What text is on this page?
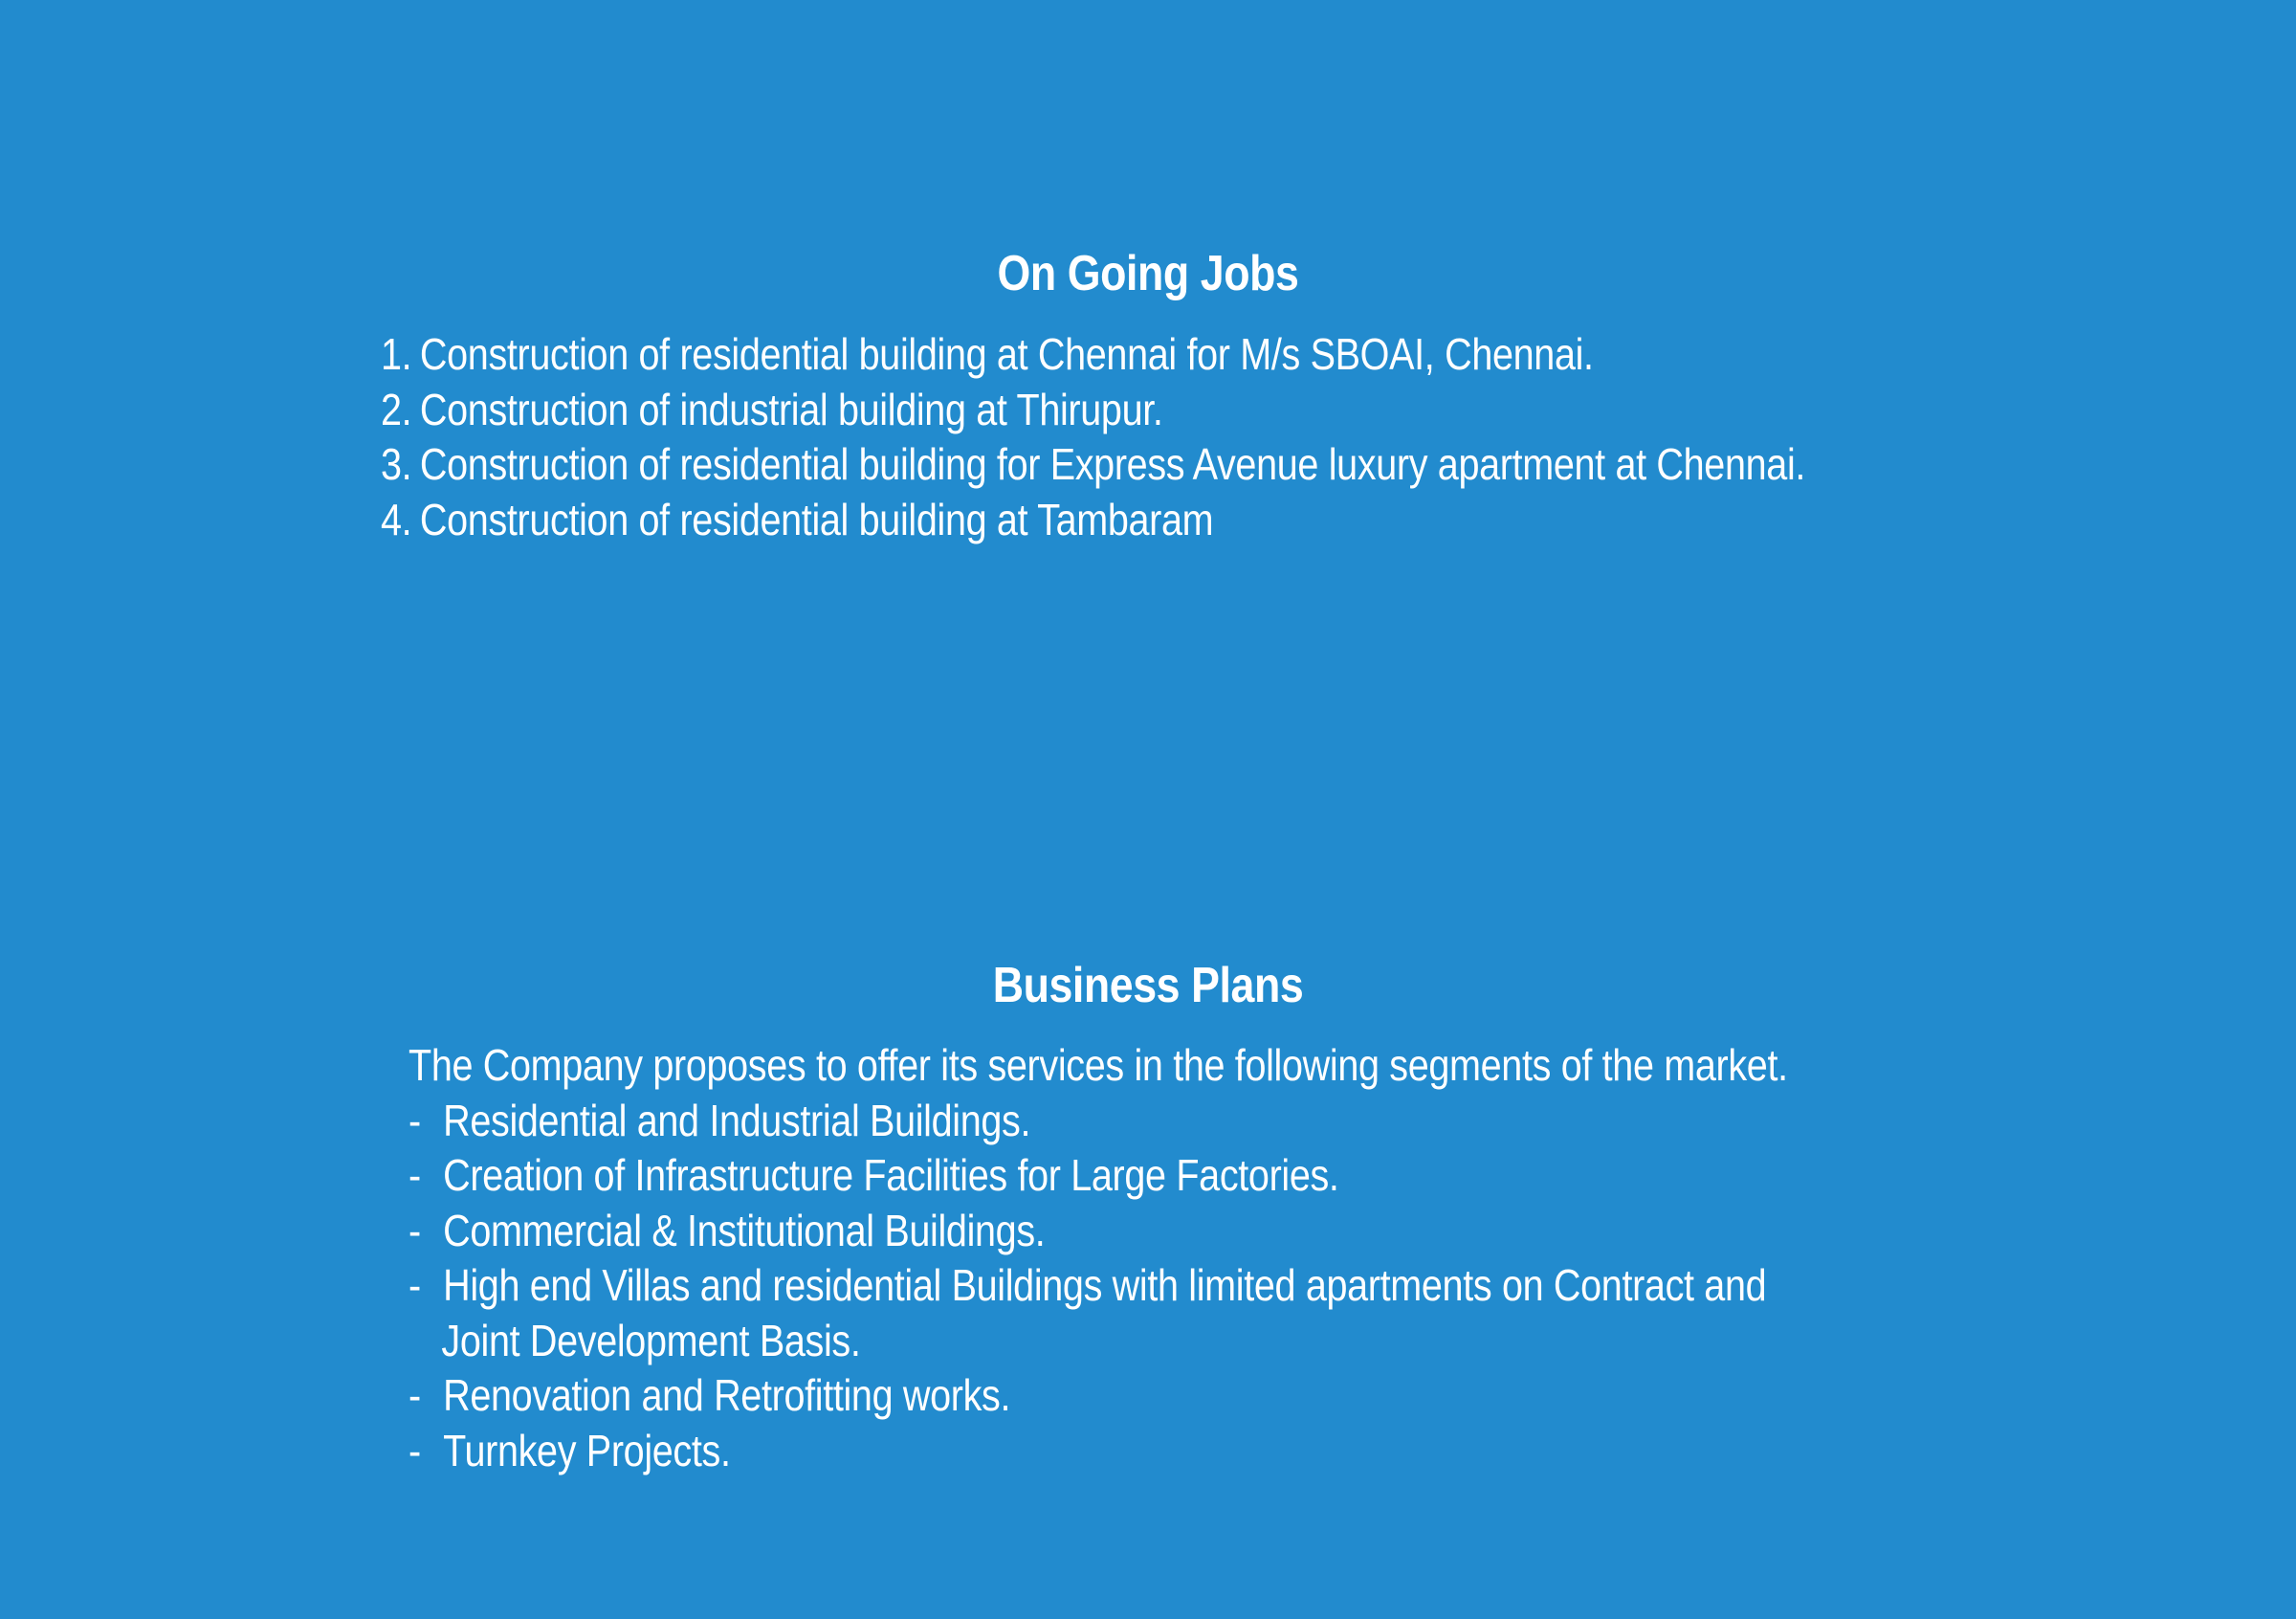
On Going Jobs
1. Construction of residential building at Chennai for M/s SBOAI, Chennai.
2. Construction of industrial building at Thirupur.
3. Construction of residential building for Express Avenue luxury apartment at Chennai.
4. Construction of residential building at Tambaram
Business Plans

The Company proposes to offer its services in the following segments of the market.

- Residential and Industrial Buildings.
- Creation of Infrastructure Facilities for Large Factories.
- Commercial & Institutional Buildings.
- High end Villas and residential Buildings with limited apartments on Contract and
Joint Development Basis.
- Renovation and Retrofitting works.
- Turnkey Projects.
